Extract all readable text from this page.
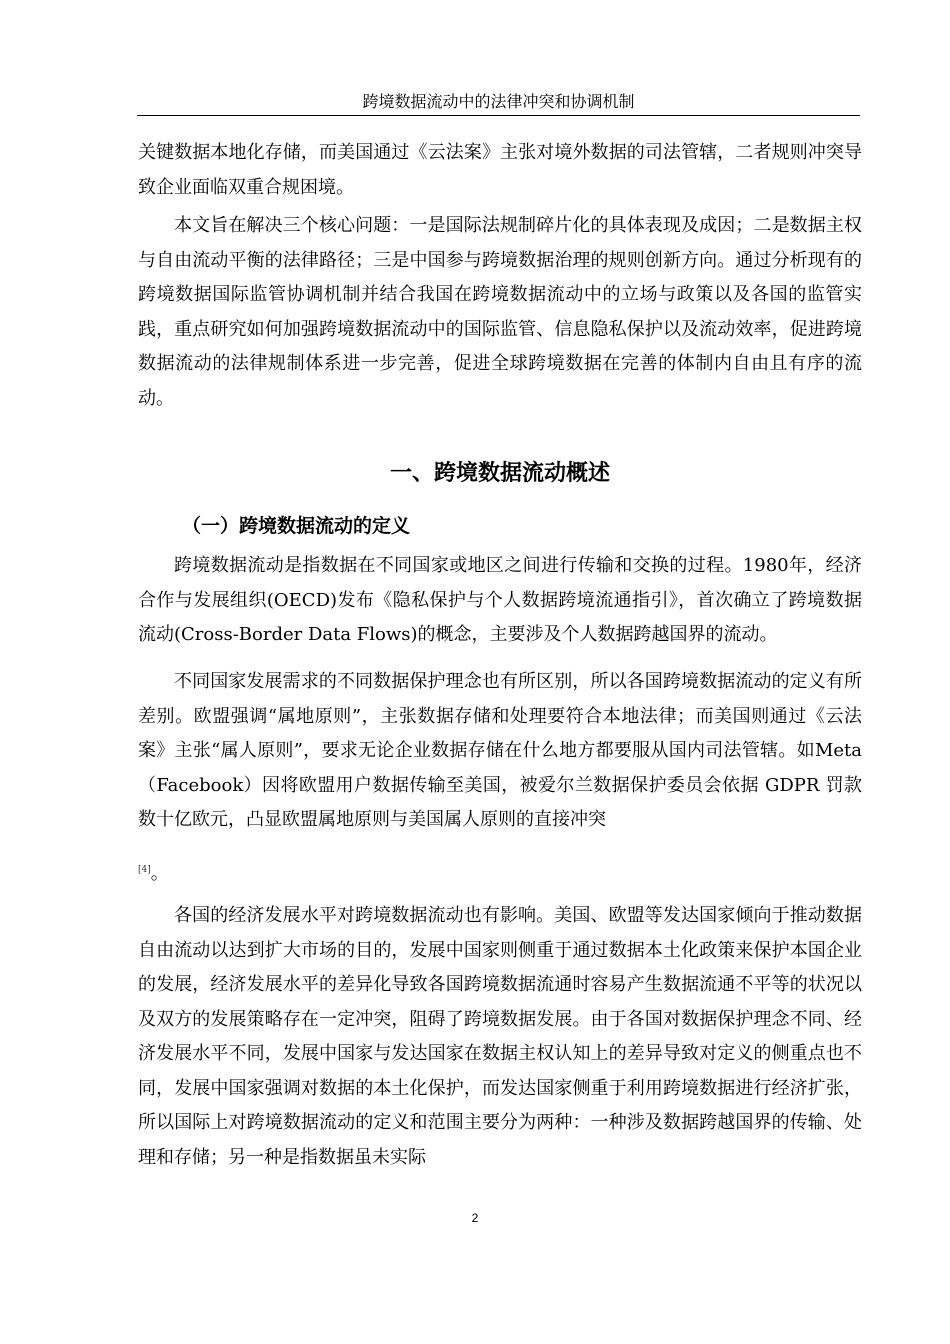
跨境数据流动中的法律冲突和协调机制

关键数据本地化存储，而美国通过《云法案》主张对境外数据的司法管辖，二者规则冲突导致企业面临双重合规困境。

本文旨在解决三个核心问题：一是国际法规制碎片化的具体表现及成因；二是数据主权与自由流动平衡的法律路径；三是中国参与跨境数据治理的规则创新方向。通过分析现有的跨境数据国际监管协调机制并结合我国在跨境数据流动中的立场与政策以及各国的监管实践，重点研究如何加强跨境数据流动中的国际监管、信息隐私保护以及流动效率，促进跨境数据流动的法律规制体系进一步完善，促进全球跨境数据在完善的体制内自由且有序的流动。

一、跨境数据流动概述
（一）跨境数据流动的定义

跨境数据流动是指数据在不同国家或地区之间进行传输和交换的过程。1980年，经济合作与发展组织(OECD)发布《隐私保护与个人数据跨境流通指引》，首次确立了跨境数据流动(Cross-Border Data Flows)的概念，主要涉及个人数据跨越国界的流动。

不同国家发展需求的不同数据保护理念也有所区别，所以各国跨境数据流动的定义有所差别。欧盟强调“属地原则”，主张数据存储和处理要符合本地法律；而美国则通过《云法案》主张“属人原则”，要求无论企业数据存储在什么地方都要服从国内司法管辖。如Meta（Facebook）因将欧盟用户数据传输至美国，被爱尔兰数据保护委员会依据 GDPR 罚款数十亿欧元，凸显欧盟属地原则与美国属人原则的直接冲突

[4]。

各国的经济发展水平对跨境数据流动也有影响。美国、欧盟等发达国家倾向于推动数据自由流动以达到扩大市场的目的，发展中国家则侧重于通过数据本土化政策来保护本国企业的发展，经济发展水平的差异化导致各国跨境数据流通时容易产生数据流通不平等的状况以及双方的发展策略存在一定冲突，阻碍了跨境数据发展。由于各国对数据保护理念不同、经济发展水平不同，发展中国家与发达国家在数据主权认知上的差异导致对定义的侧重点也不同，发展中国家强调对数据的本土化保护，而发达国家侧重于利用跨境数据进行经济扩张，所以国际上对跨境数据流动的定义和范围主要分为两种：一种涉及数据跨越国界的传输、处理和存储；另一种是指数据虽未实际

2
